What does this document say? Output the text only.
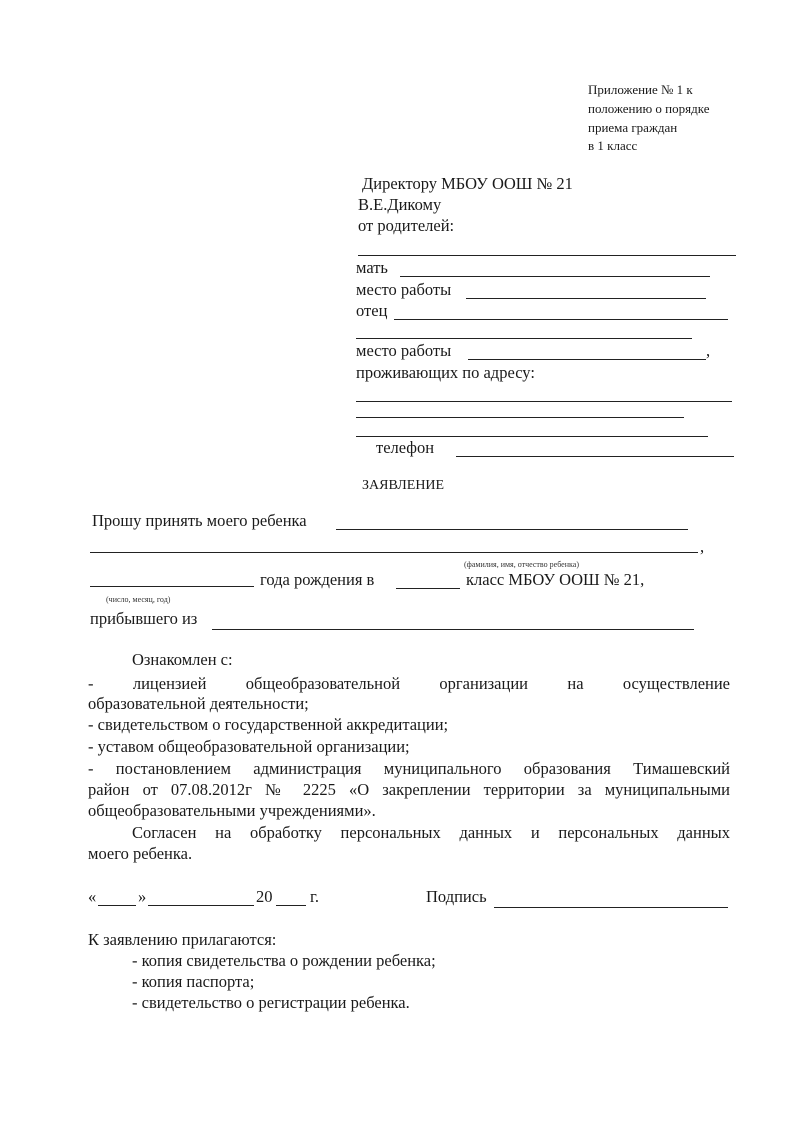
Приложение № 1 к
положению о порядке
приема граждан
в 1 класс
Директору МБОУ ООШ № 21
В.Е.Дикому
от родителей:
мать
место работы
отец
место работы	,
проживающих по адресу:
телефон
ЗАЯВЛЕНИЕ
Прошу принять моего ребенка
,
(фамилия, имя, отчество ребенка)
года рождения в	класс МБОУ ООШ № 21,
(число, месяц, год)
прибывшего из
Ознакомлен с:
- лицензией общеобразовательной организации на осуществление
образовательной деятельности;
- свидетельством о государственной аккредитации;
- уставом общеобразовательной организации;
- постановлением администрация муниципального образования Тимашевский
район от 07.08.2012г № 2225 «О закреплении территории за муниципальными
общеобразовательными учреждениями».
Согласен на обработку персональных данных и персональных данных
моего ребенка.
«	»	20 г.	Подпись
К заявлению прилагаются:
- копия свидетельства о рождении ребенка;
- копия паспорта;
- свидетельство о регистрации ребенка.
